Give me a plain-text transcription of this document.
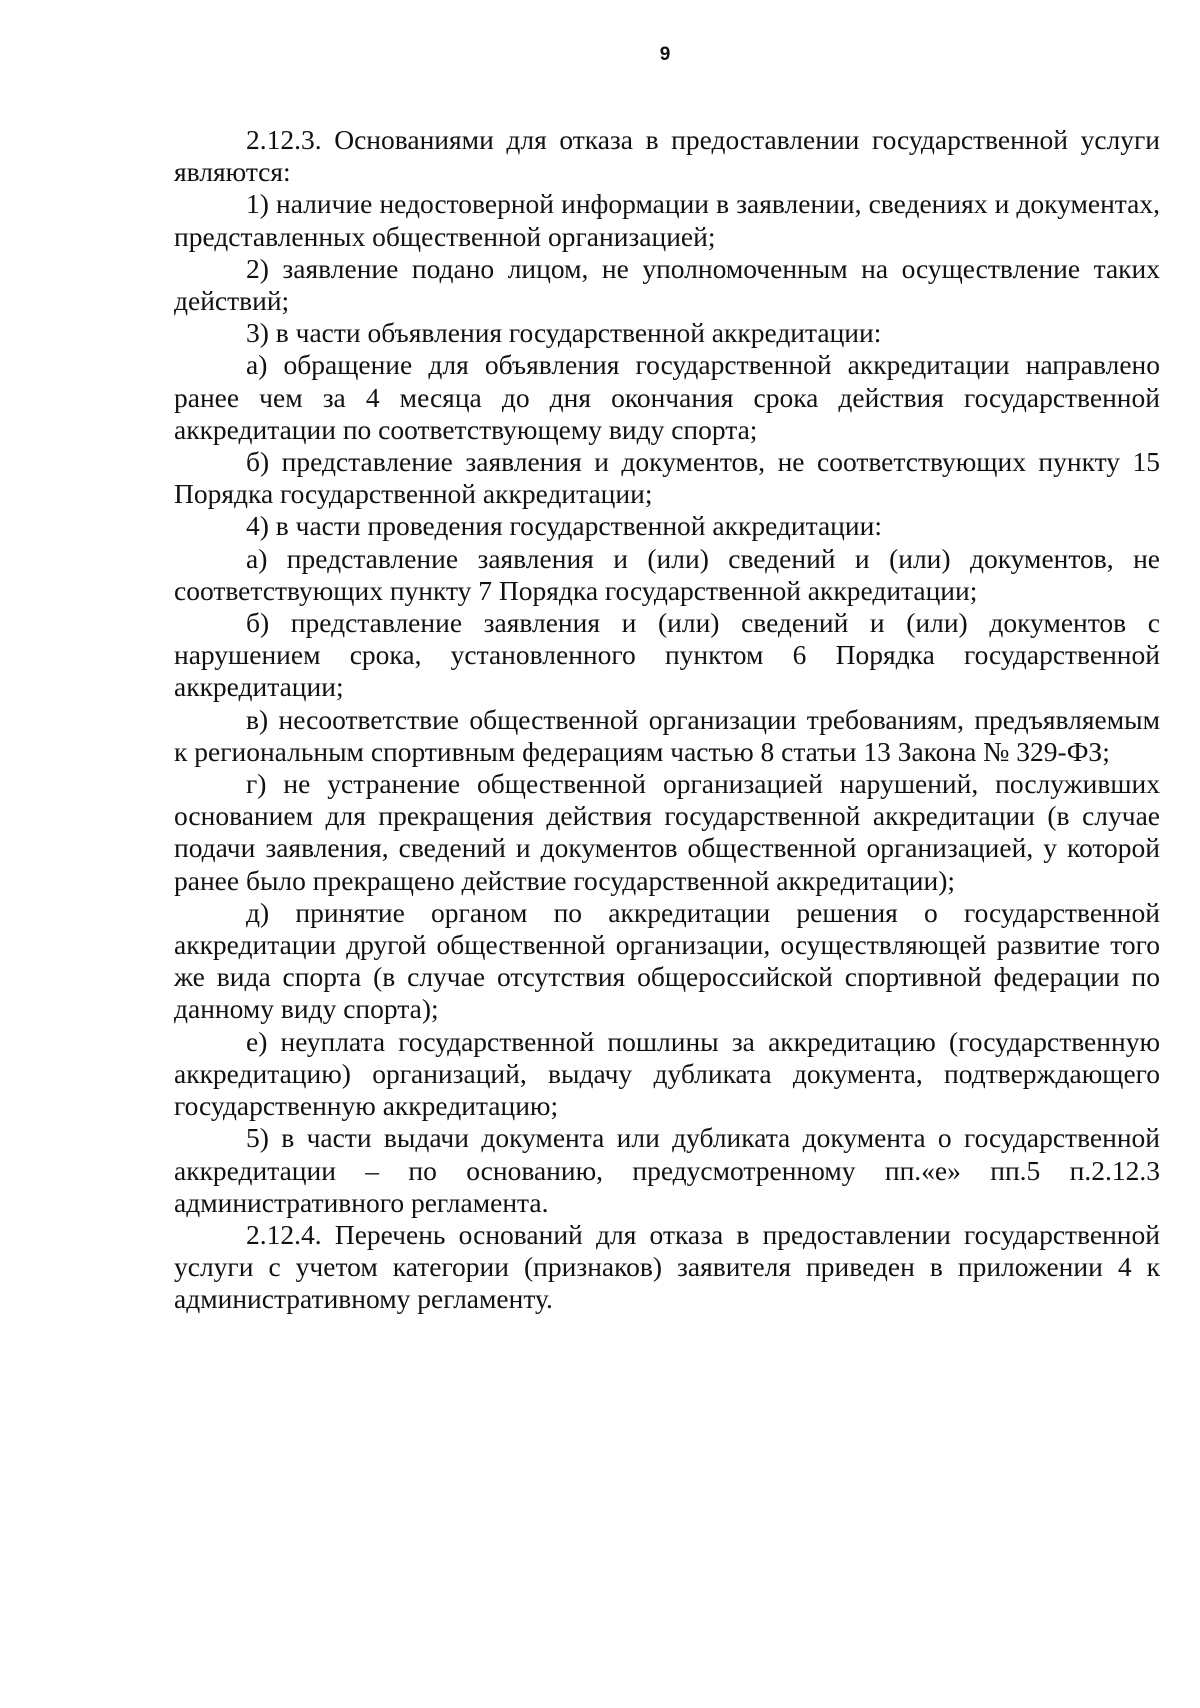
9

2.12.3. Основаниями для отказа в предоставлении государственной услуги являются:

1) наличие недостоверной информации в заявлении, сведениях и документах, представленных общественной организацией;

2) заявление подано лицом, не уполномоченным на осуществление таких действий;

3) в части объявления государственной аккредитации:

а) обращение для объявления государственной аккредитации направлено ранее чем за 4 месяца до дня окончания срока действия государственной аккредитации по соответствующему виду спорта;

б) представление заявления и документов, не соответствующих пункту 15 Порядка государственной аккредитации;

4) в части проведения государственной аккредитации:

а) представление заявления и (или) сведений и (или) документов, не соответствующих пункту 7 Порядка государственной аккредитации;

б) представление заявления и (или) сведений и (или) документов с нарушением срока, установленного пунктом 6 Порядка государственной аккредитации;

в) несоответствие общественной организации требованиям, предъявляемым к региональным спортивным федерациям частью 8 статьи 13 Закона № 329-ФЗ;

г) не устранение общественной организацией нарушений, послуживших основанием для прекращения действия государственной аккредитации (в случае подачи заявления, сведений и документов общественной организацией, у которой ранее было прекращено действие государственной аккредитации);

д) принятие органом по аккредитации решения о государственной аккредитации другой общественной организации, осуществляющей развитие того же вида спорта (в случае отсутствия общероссийской спортивной федерации по данному виду спорта);

е) неуплата государственной пошлины за аккредитацию (государственную аккредитацию) организаций, выдачу дубликата документа, подтверждающего государственную аккредитацию;

5) в части выдачи документа или дубликата документа о государственной аккредитации – по основанию, предусмотренному пп.«е» пп.5 п.2.12.3 административного регламента.

2.12.4. Перечень оснований для отказа в предоставлении государственной услуги с учетом категории (признаков) заявителя приведен в приложении 4 к административному регламенту.
